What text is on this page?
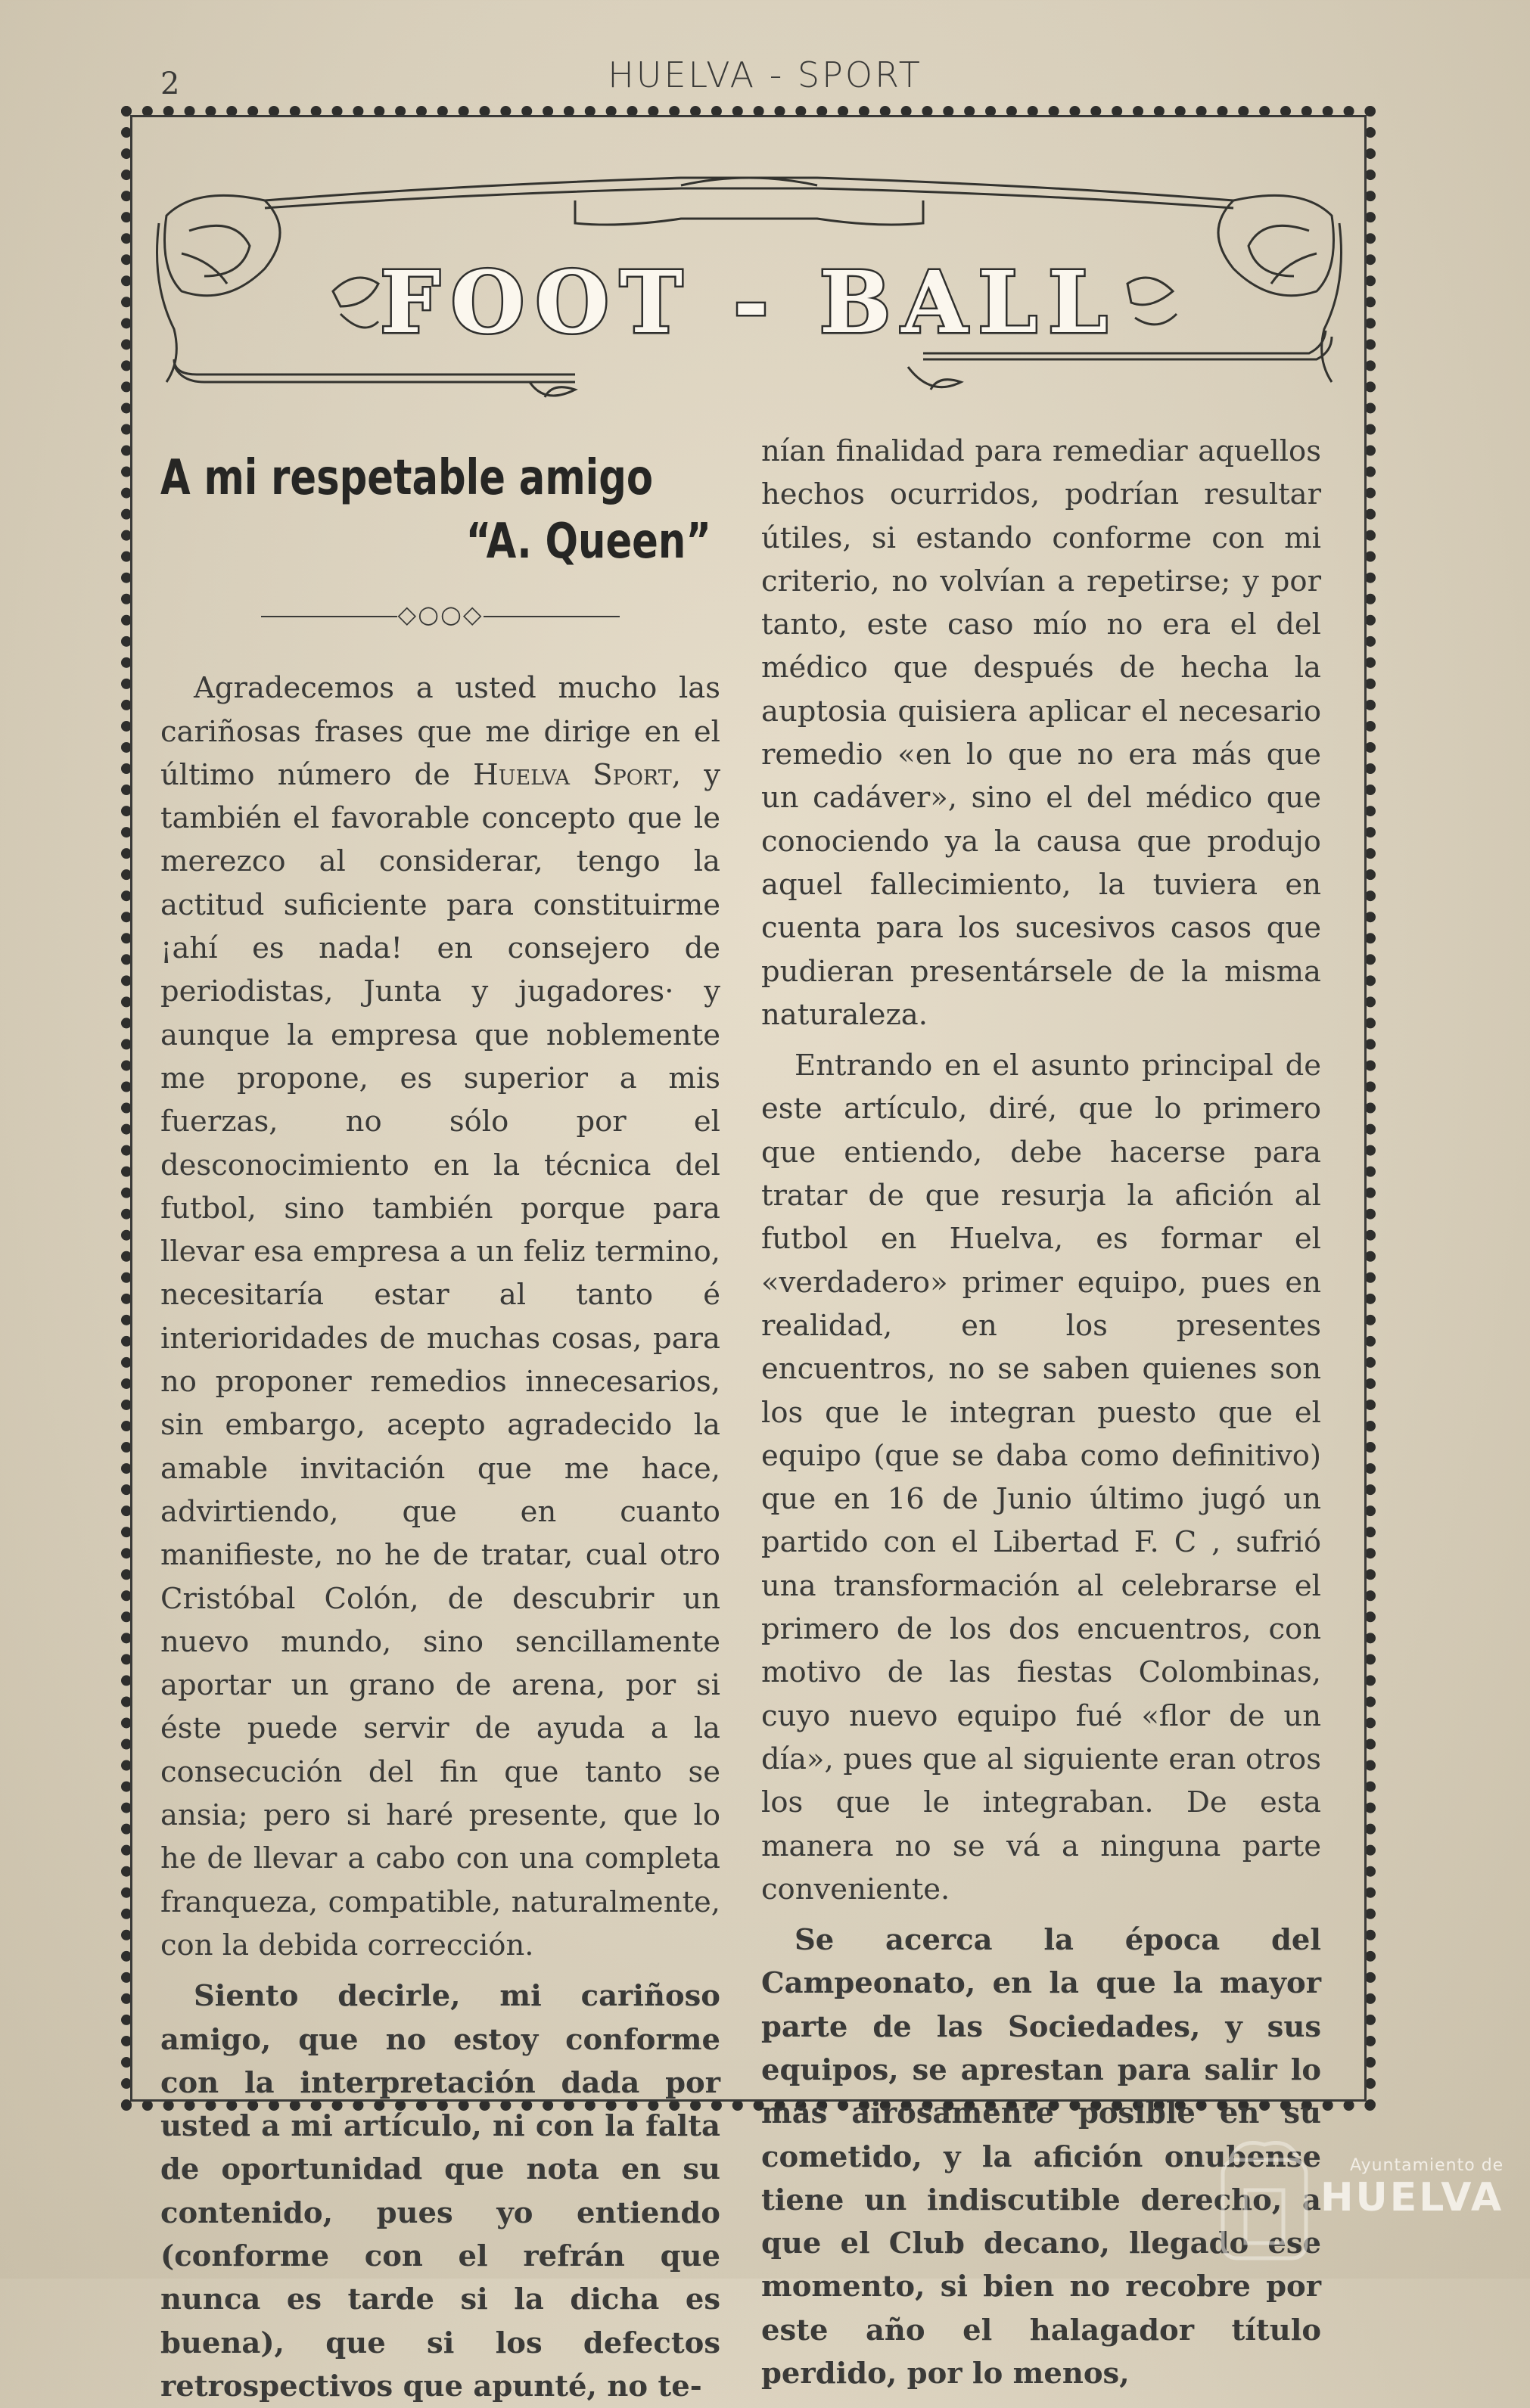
2	HUELVA - SPORT
FOOT - BALL
A mi respetable amigo
“A. Queen”
◇○○◇

Agradecemos a usted mucho las cariñosas frases que me dirige en el último número de Huelva Sport, y también el favorable concepto que le merezco al considerar, tengo la actitud suficiente para constituirme ¡ahí es nada! en consejero de periodistas, Junta y jugadores· y aunque la empresa que noblemente me propone, es superior a mis fuerzas, no sólo por el desconocimiento en la técnica del futbol, sino también porque para llevar esa empresa a un feliz termino, necesitaría estar al tanto é interioridades de muchas cosas, para no proponer remedios innecesarios, sin embargo, acepto agradecido la amable invitación que me hace, advirtiendo, que en cuanto manifieste, no he de tratar, cual otro Cristóbal Colón, de descubrir un nuevo mundo, sino sencillamente aportar un grano de arena, por si éste puede servir de ayuda a la consecución del fin que tanto se ansia; pero si haré presente, que lo he de llevar a cabo con una completa franqueza, compatible, naturalmente, con la debida corrección.

Siento decirle, mi cariñoso amigo, que no estoy conforme con la interpretación dada por usted a mi artículo, ni con la falta de oportunidad que nota en su contenido, pues yo entiendo (conforme con el refrán que nunca es tarde si la dicha es buena), que si los defectos retrospectivos que apunté, no te-

nían finalidad para remediar aquellos hechos ocurridos, podrían resultar útiles, si estando conforme con mi criterio, no volvían a repetirse; y por tanto, este caso mío no era el del médico que después de hecha la auptosia quisiera aplicar el necesario remedio «en lo que no era más que un cadáver», sino el del médico que conociendo ya la causa que produjo aquel fallecimiento, la tuviera en cuenta para los sucesivos casos que pudieran presentársele de la misma naturaleza.

Entrando en el asunto principal de este artículo, diré, que lo primero que entiendo, debe hacerse para tratar de que resurja la afición al futbol en Huelva, es formar el «verdadero» primer equipo, pues en realidad, en los presentes encuentros, no se saben quienes son los que le integran puesto que el equipo (que se daba como definitivo) que en 16 de Junio último jugó un partido con el Libertad F. C , sufrió una transformación al celebrarse el primero de los dos encuentros, con motivo de las fiestas Colombinas, cuyo nuevo equipo fué «flor de un día», pues que al siguiente eran otros los que le integraban. De esta manera no se vá a ninguna parte conveniente.

Se acerca la época del Campeonato, en la que la mayor parte de las Sociedades, y sus equipos, se aprestan para salir lo más airosamente posible en su cometido, y la afición onubense tiene un indiscutible derecho, a que el Club decano, llegado ese momento, si bien no recobre por este año el halagador título perdido, por lo menos,

Ayuntamiento de
HUELVA
